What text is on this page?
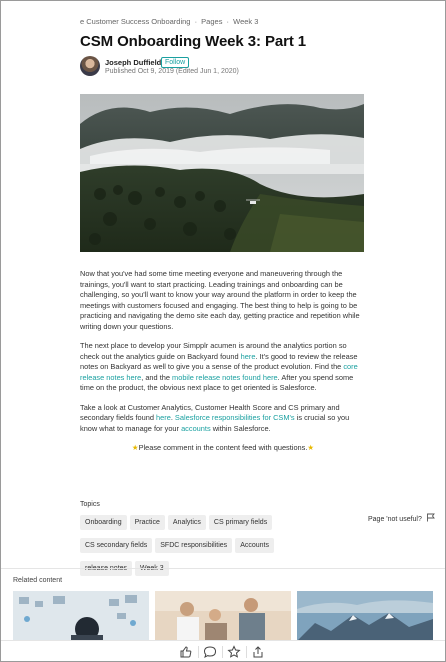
e Customer Success Onboarding · Pages · Week 3
CSM Onboarding Week 3: Part 1
Joseph Duffield Follow
Published Oct 9, 2019 (Edited Jun 1, 2020)

Now that you've had some time meeting everyone and maneuvering through the trainings, you'll want to start practicing. Leading trainings and onboarding can be challenging, so you'll want to know your way around the platform in order to keep the meetings with customers focused and engaging. The best thing to help is going to be practicing and navigating the demo site each day, getting practice and repetition while writing down your questions.

The next place to develop your Simpplr acumen is around the analytics portion so check out the analytics guide on Backyard found here. It's good to review the release notes on Backyard as well to give you a sense of the product evolution. Find the core release notes here, and the mobile release notes found here. After you spend some time on the product, the obvious next place to get oriented is Salesforce.

Take a look at Customer Analytics, Customer Health Score and CS primary and secondary fields found here. Salesforce responsibilities for CSM's is crucial so you know what to manage for your accounts within Salesforce.

★Please comment in the content feed with questions.★

Topics
Onboarding Practice Analytics CS primary fields
CS secondary fields SFDC responsibilities Accounts

Page 'not useful?
Related content
